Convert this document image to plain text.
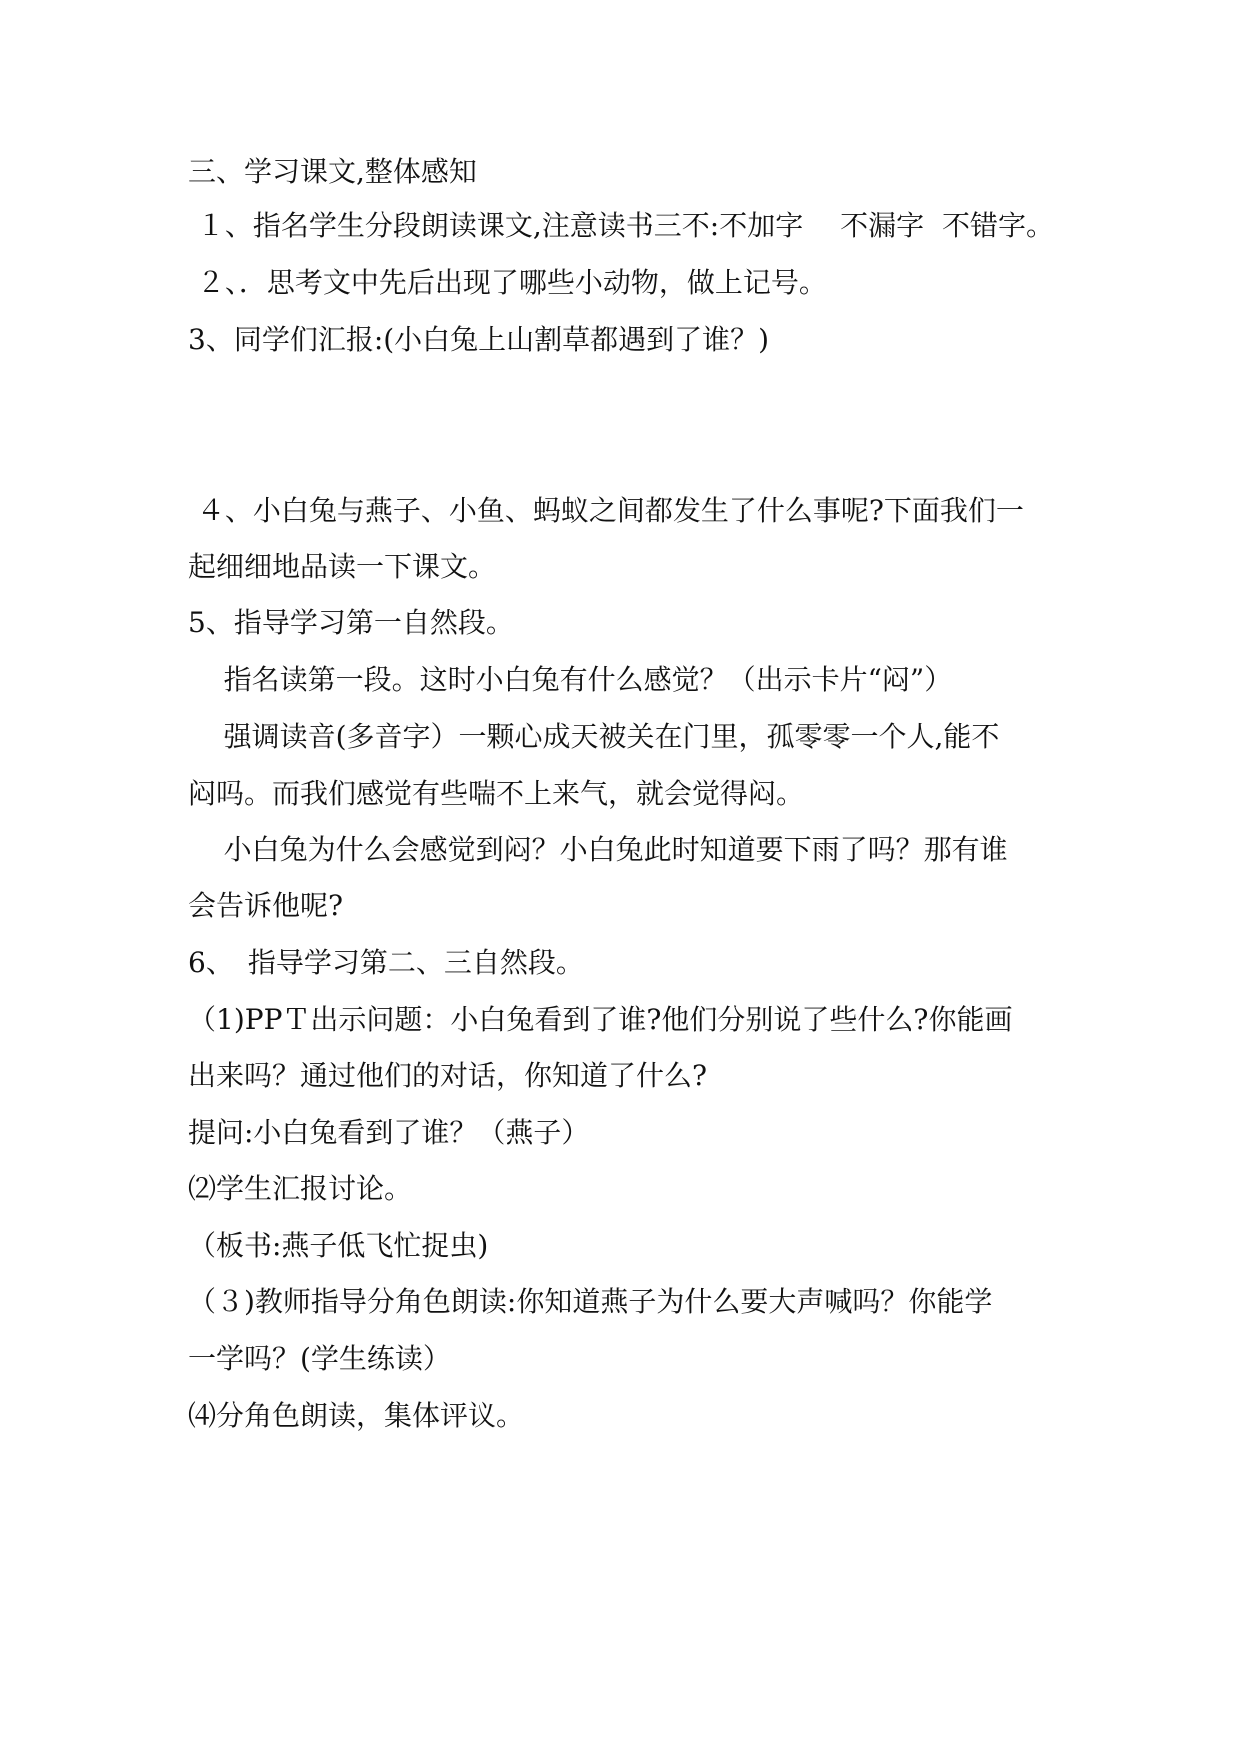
三、学习课文,整体感知
１、指名学生分段朗读课文,注意读书三不:不加字　 不漏字  不错字。
２、．思考文中先后出现了哪些小动物，做上记号。
3、同学们汇报:(小白兔上山割草都遇到了谁？)
４、小白兔与燕子、小鱼、蚂蚁之间都发生了什么事呢?下面我们一
起细细地品读一下课文。
5、指导学习第一自然段。
指名读第一段。这时小白兔有什么感觉？（出示卡片“闷”）
强调读音(多音字）一颗心成天被关在门里，孤零零一个人,能不
闷吗。而我们感觉有些喘不上来气，就会觉得闷。
小白兔为什么会感觉到闷？小白兔此时知道要下雨了吗？那有谁
会告诉他呢?
6、　指导学习第二、三自然段。
（1)PPＴ出示问题：小白兔看到了谁?他们分别说了些什么?你能画
出来吗？通过他们的对话，你知道了什么?
提问:小白兔看到了谁？（燕子）
⑵学生汇报讨论。
（板书:燕子低飞忙捉虫)
（３)教师指导分角色朗读:你知道燕子为什么要大声喊吗？你能学
一学吗？(学生练读）
⑷分角色朗读，集体评议。
